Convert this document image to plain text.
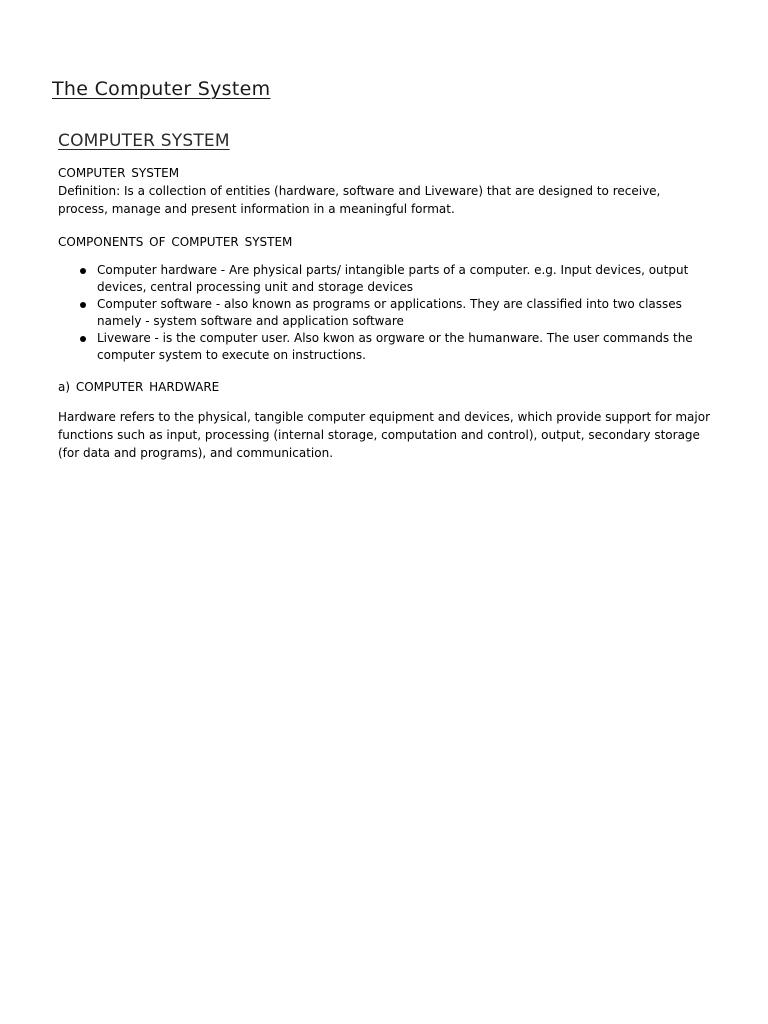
The Computer System
COMPUTER SYSTEM

COMPUTER SYSTEM

Definition: Is a collection of entities (hardware, software and Liveware) that are designed to receive,

process, manage and present information in a meaningful format.

COMPONENTS OF COMPUTER SYSTEM

Computer hardware - Are physical parts/ intangible parts of a computer. e.g. Input devices, output devices, central processing unit and storage devices
Computer software - also known as programs or applications. They are classified into two classes namely - system software and application software
Liveware - is the computer user. Also kwon as orgware or the humanware. The user commands the computer system to execute on instructions.

a) COMPUTER HARDWARE

Hardware refers to the physical, tangible computer equipment and devices, which provide support for major functions such as input, processing (internal storage, computation and control), output, secondary storage (for data and programs), and communication.
